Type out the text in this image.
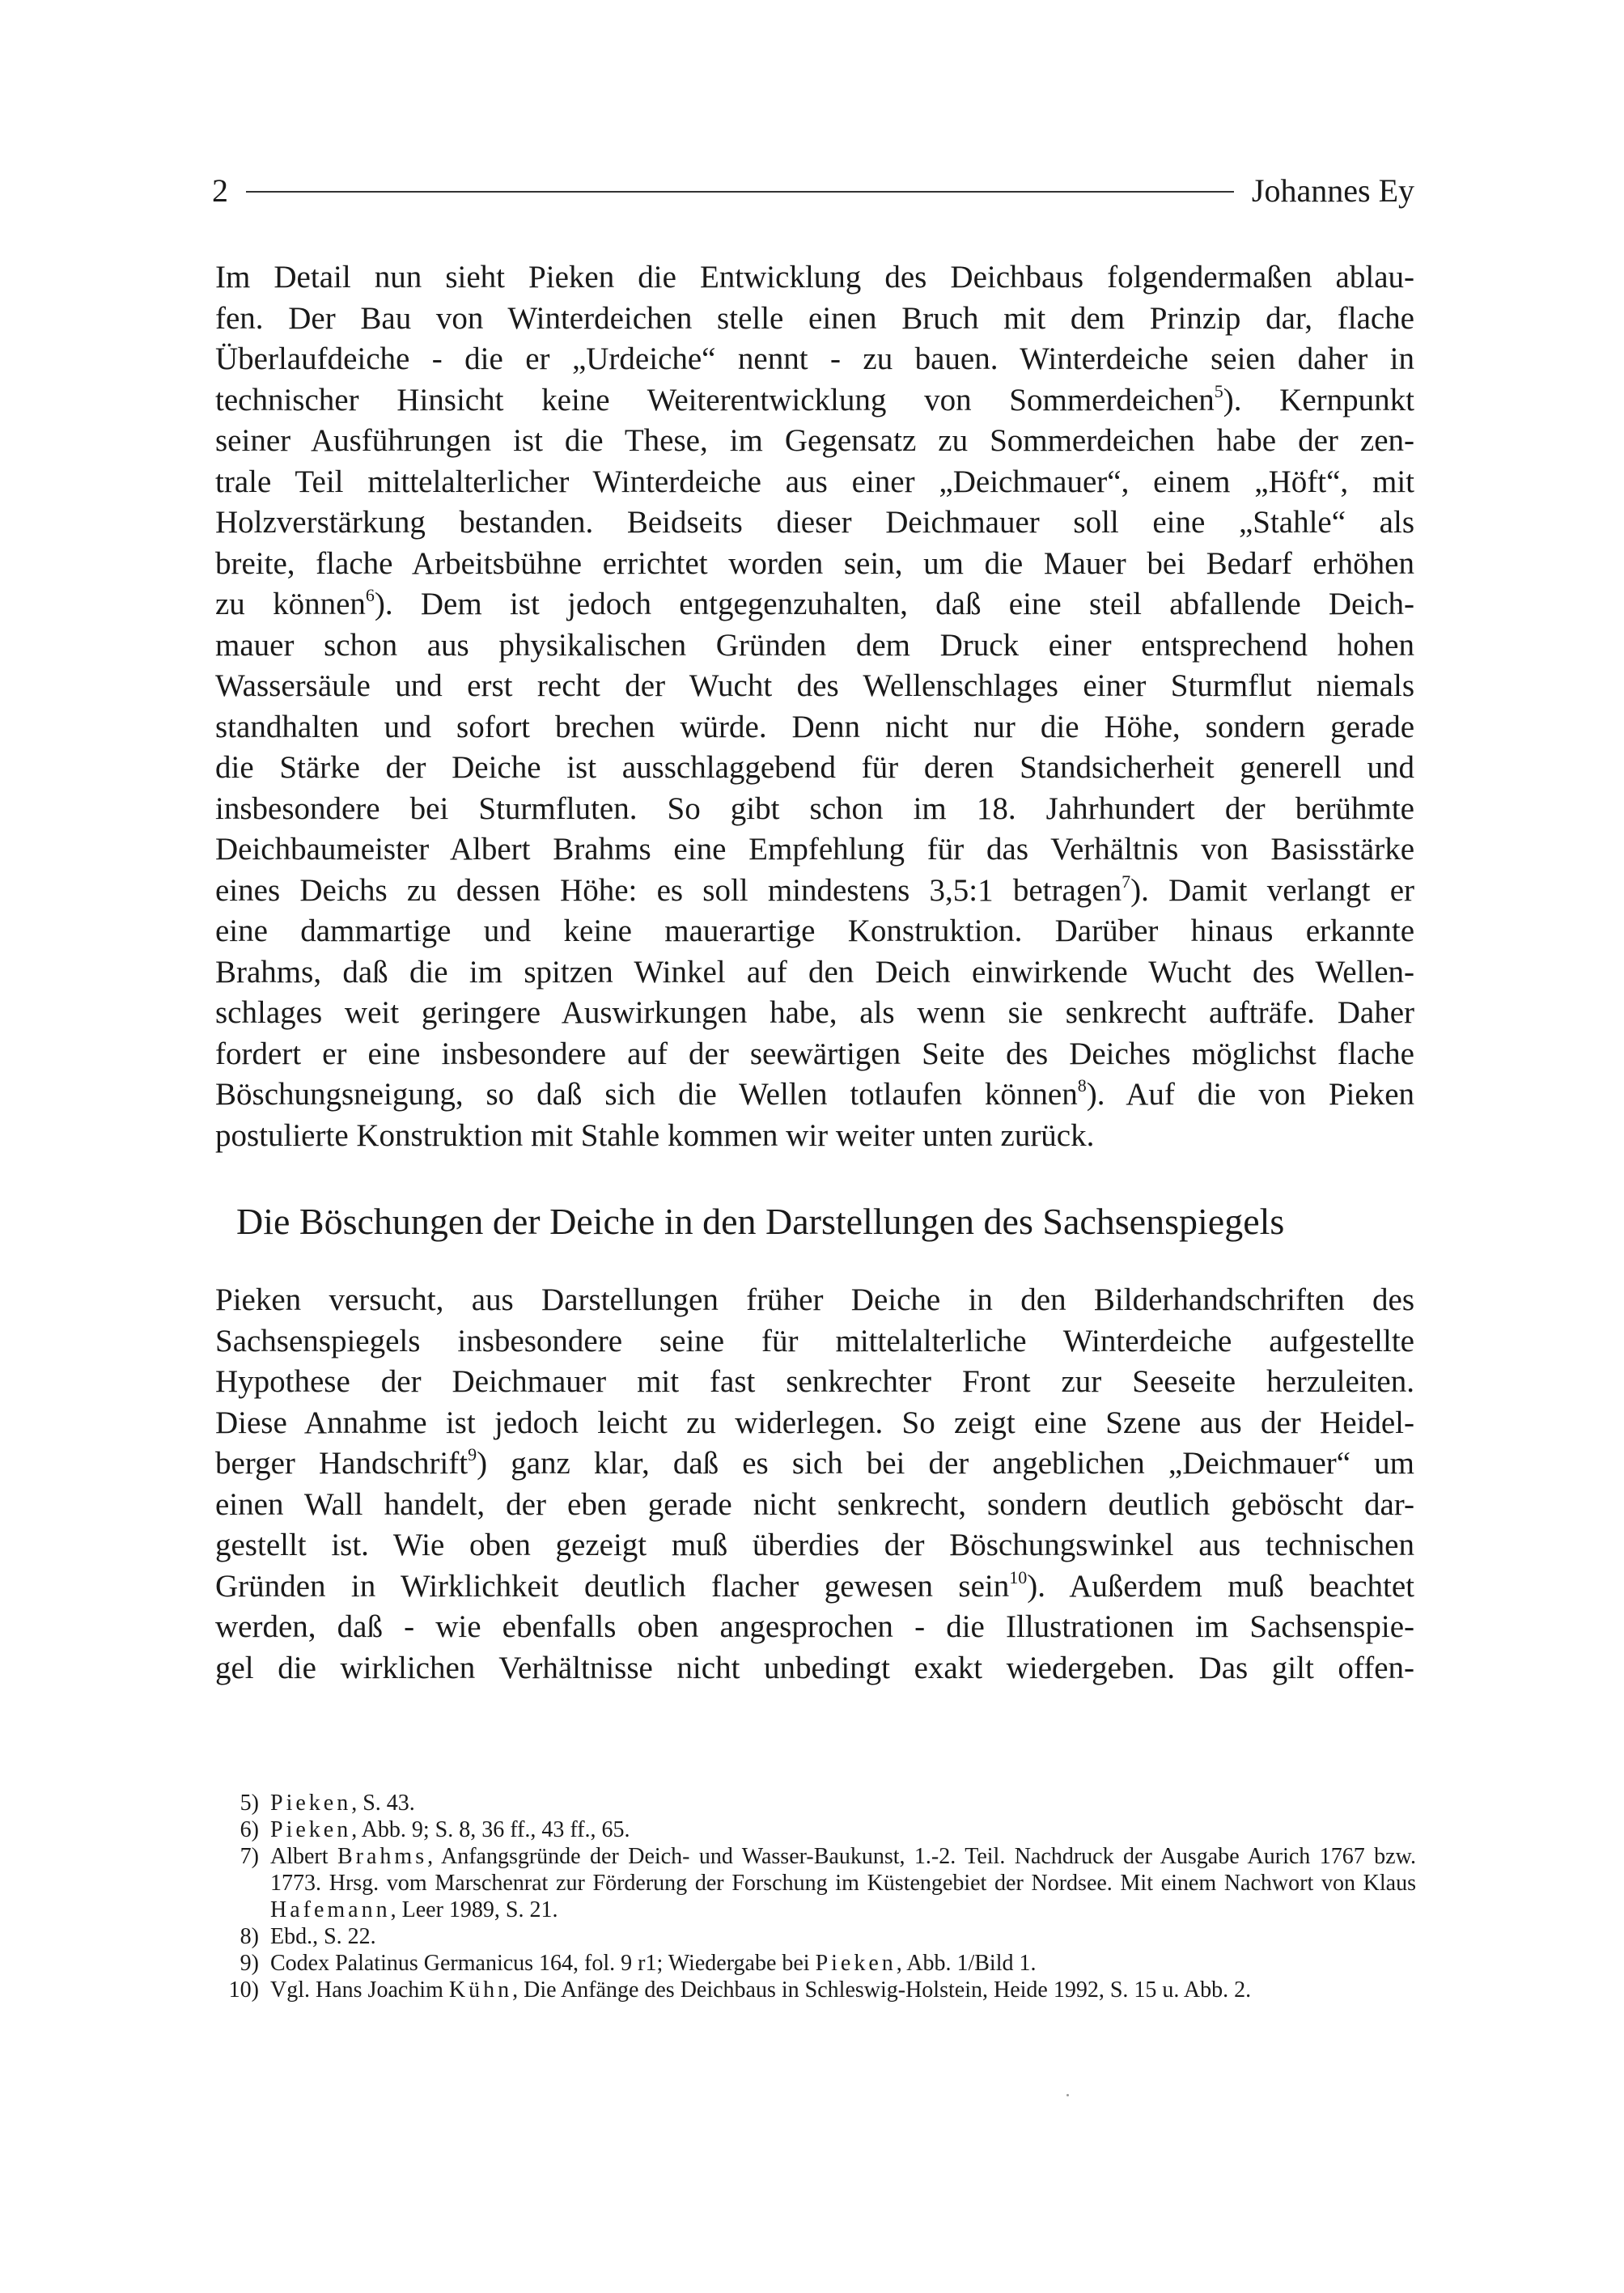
2	Johannes Ey
Im Detail nun sieht Pieken die Entwicklung des Deichbaus folgendermaßen ablau-
fen. Der Bau von Winterdeichen stelle einen Bruch mit dem Prinzip dar, flache
Überlaufdeiche - die er „Urdeiche“ nennt - zu bauen. Winterdeiche seien daher in
technischer Hinsicht keine Weiterentwicklung von Sommerdeichen$^5$). Kernpunkt
seiner Ausführungen ist die These, im Gegensatz zu Sommerdeichen habe der zen-
trale Teil mittelalterlicher Winterdeiche aus einer „Deichmauer“, einem „Höft“, mit
Holzverstärkung bestanden. Beidseits dieser Deichmauer soll eine „Stahle“ als
breite, flache Arbeitsbühne errichtet worden sein, um die Mauer bei Bedarf erhöhen
zu können$^6$). Dem ist jedoch entgegenzuhalten, daß eine steil abfallende Deich-
mauer schon aus physikalischen Gründen dem Druck einer entsprechend hohen
Wassersäule und erst recht der Wucht des Wellenschlages einer Sturmflut niemals
standhalten und sofort brechen würde. Denn nicht nur die Höhe, sondern gerade
die Stärke der Deiche ist ausschlaggebend für deren Standsicherheit generell und
insbesondere bei Sturmfluten. So gibt schon im 18. Jahrhundert der berühmte
Deichbaumeister Albert Brahms eine Empfehlung für das Verhältnis von Basisstärke
eines Deichs zu dessen Höhe: es soll mindestens 3,5:1 betragen$^7$). Damit verlangt er
eine dammartige und keine mauerartige Konstruktion. Darüber hinaus erkannte
Brahms, daß die im spitzen Winkel auf den Deich einwirkende Wucht des Wellen-
schlages weit geringere Auswirkungen habe, als wenn sie senkrecht aufträfe. Daher
fordert er eine insbesondere auf der seewärtigen Seite des Deiches möglichst flache
Böschungsneigung, so daß sich die Wellen totlaufen können$^8$). Auf die von Pieken
postulierte Konstruktion mit Stahle kommen wir weiter unten zurück.
Die Böschungen der Deiche in den Darstellungen des Sachsenspiegels
Pieken versucht, aus Darstellungen früher Deiche in den Bilderhandschriften des
Sachsenspiegels insbesondere seine für mittelalterliche Winterdeiche aufgestellte
Hypothese der Deichmauer mit fast senkrechter Front zur Seeseite herzuleiten.
Diese Annahme ist jedoch leicht zu widerlegen. So zeigt eine Szene aus der Heidel-
berger Handschrift$^9$) ganz klar, daß es sich bei der angeblichen „Deichmauer“ um
einen Wall handelt, der eben gerade nicht senkrecht, sondern deutlich geböscht dar-
gestellt ist. Wie oben gezeigt muß überdies der Böschungswinkel aus technischen
Gründen in Wirklichkeit deutlich flacher gewesen sein$^{10}$). Außerdem muß beachtet
werden, daß - wie ebenfalls oben angesprochen - die Illustrationen im Sachsenspie-
gel die wirklichen Verhältnisse nicht unbedingt exakt wiedergeben. Das gilt offen-
5) Pieken, S. 43.
6) Pieken, Abb. 9; S. 8, 36 ff., 43 ff., 65.
7) Albert Brahms, Anfangsgründe der Deich- und Wasser-Baukunst, 1.-2. Teil. Nachdruck der Ausgabe Aurich 1767 bzw. 1773. Hrsg. vom Marschenrat zur Förderung der Forschung im Küstengebiet der Nordsee. Mit einem Nachwort von Klaus Hafemann, Leer 1989, S. 21.
8) Ebd., S. 22.
9) Codex Palatinus Germanicus 164, fol. 9 r1; Wiedergabe bei Pieken, Abb. 1/Bild 1.
10) Vgl. Hans Joachim Kühn, Die Anfänge des Deichbaus in Schleswig-Holstein, Heide 1992, S. 15 u. Abb. 2.
